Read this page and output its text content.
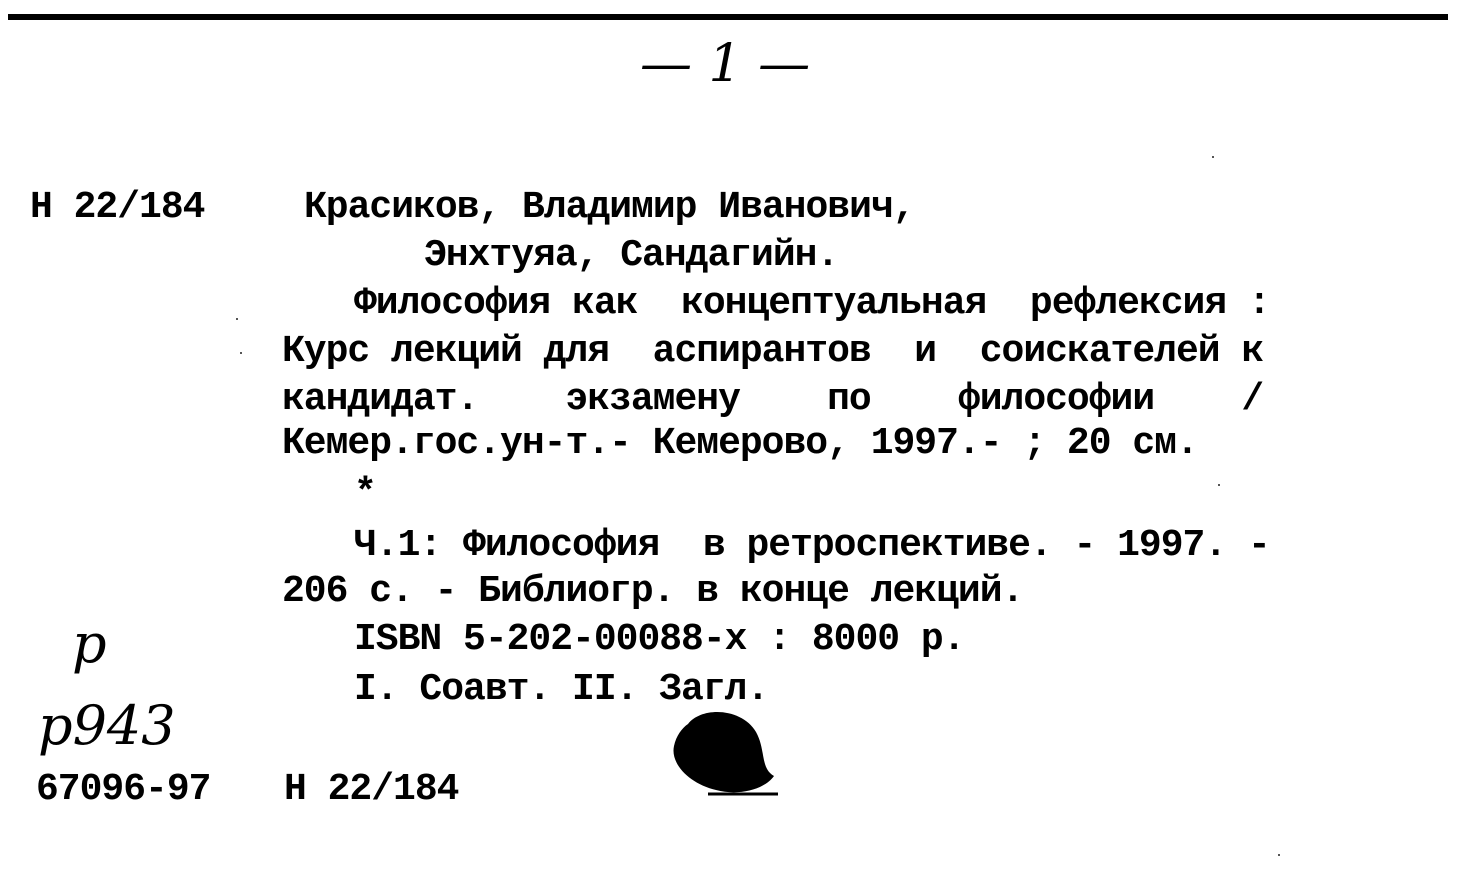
— 1 —
Н 22/184	Красиков, Владимир Иванович,
Энхтуяа, Сандагийн.
Философия как  концептуальная  рефлексия :
Курс лекций для  аспирантов  и  соискателей к
кандидат.    экзамену    по    философии    /
Кемер.гос.ун-т.- Кемерово, 1997.- ; 20 см.
*
Ч.1: Философия  в ретроспективе. - 1997. -
206 с. - Библиогр. в конце лекций.
ISBN 5-202-00088-x : 8000 р.
I. Соавт. II. Загл.
р
р943
67096-97 Н 22/184
